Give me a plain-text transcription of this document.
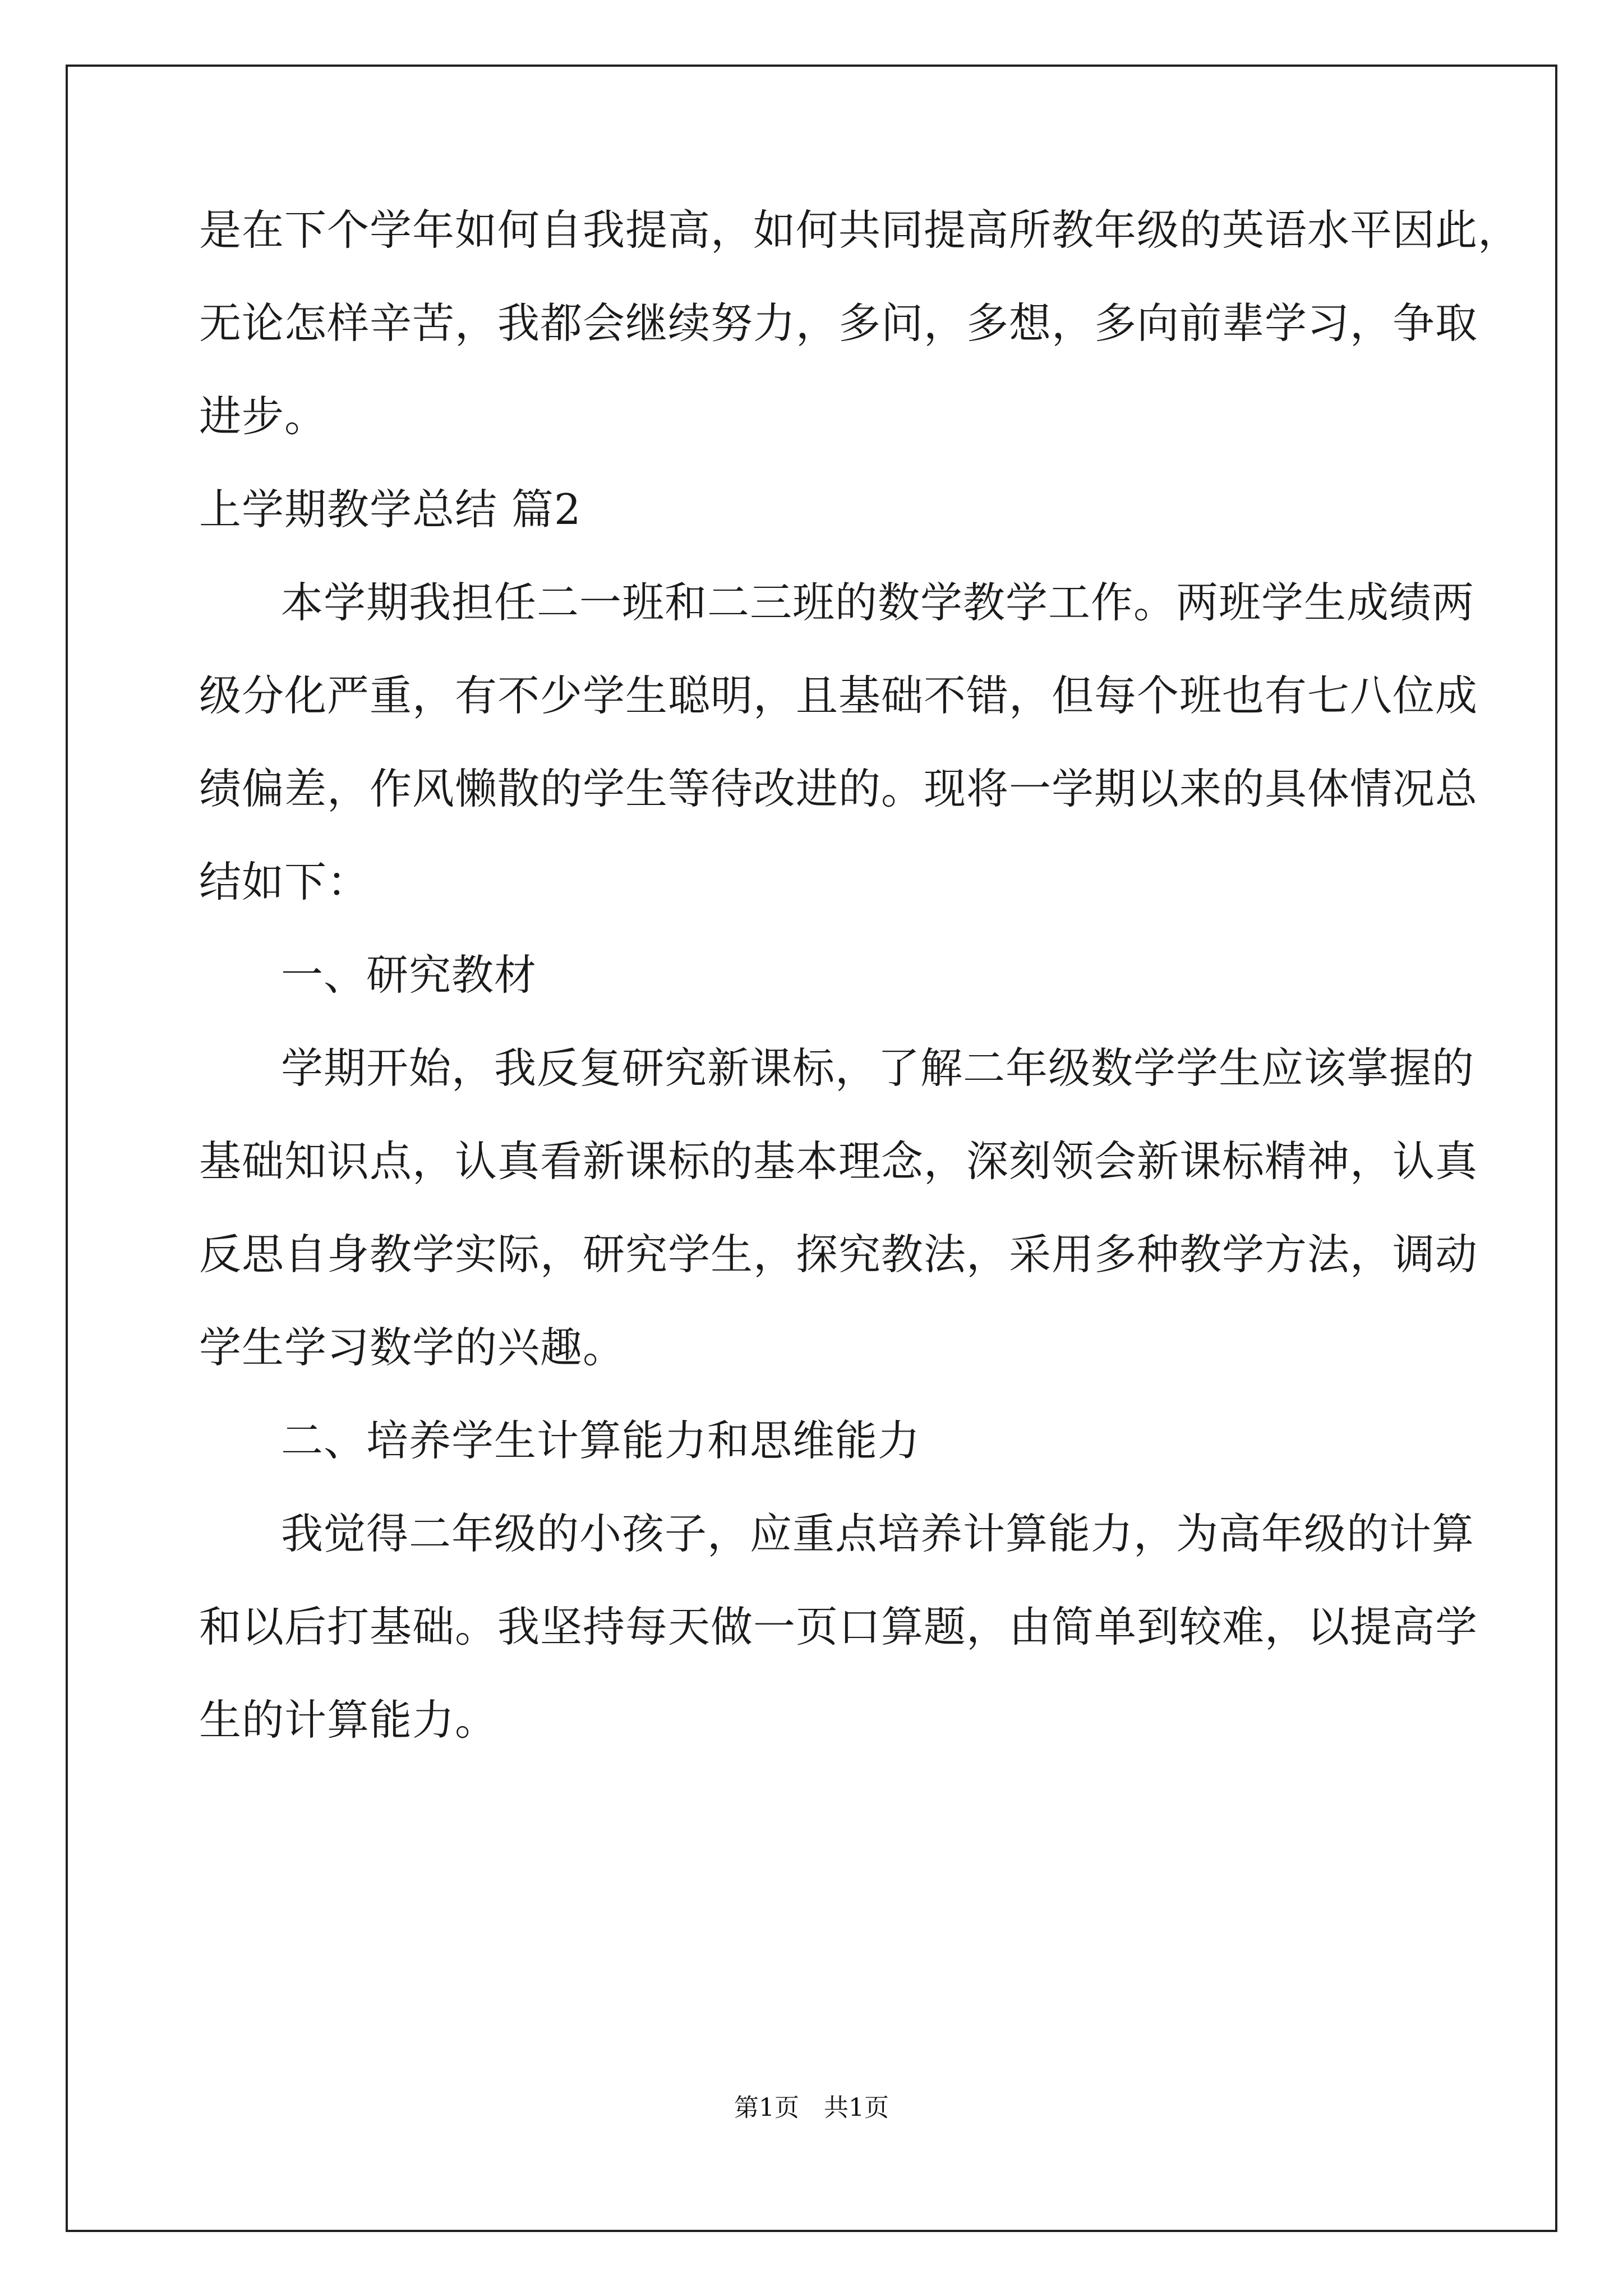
是在下个学年如何自我提高，如何共同提高所教年级的英语水平因此，
无论怎样辛苦，我都会继续努力，多问，多想，多向前辈学习，争取
进步。
上学期教学总结 篇2
本学期我担任二一班和二三班的数学教学工作。两班学生成绩两
级分化严重，有不少学生聪明，且基础不错，但每个班也有七八位成
绩偏差，作风懒散的学生等待改进的。现将一学期以来的具体情况总
结如下：
一、研究教材
学期开始，我反复研究新课标，了解二年级数学学生应该掌握的
基础知识点，认真看新课标的基本理念，深刻领会新课标精神，认真
反思自身教学实际，研究学生，探究教法，采用多种教学方法，调动
学生学习数学的兴趣。
二、培养学生计算能力和思维能力
我觉得二年级的小孩子，应重点培养计算能力，为高年级的计算
和以后打基础。我坚持每天做一页口算题，由简单到较难，以提高学
生的计算能力。
第1页　共1页
